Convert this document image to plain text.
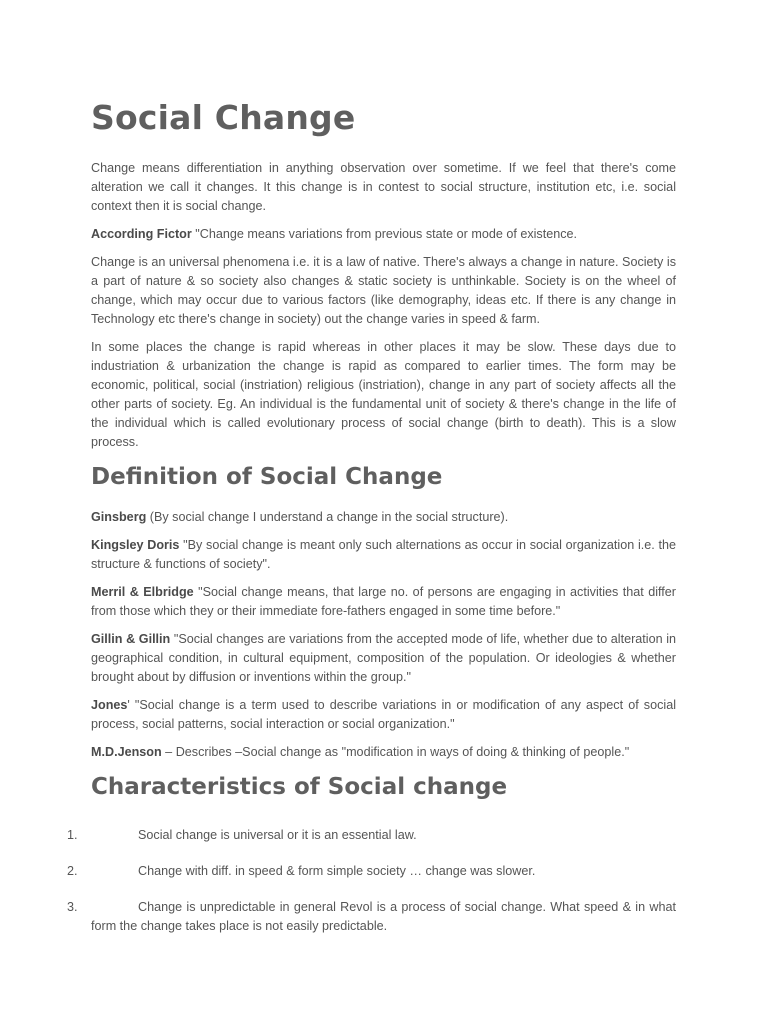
Social Change

Change means differentiation in anything observation over sometime. If we feel that there's come alteration we call it changes. It this change is in contest to social structure, institution etc, i.e. social context then it is social change.

According Fictor "Change means variations from previous state or mode of existence.

Change is an universal phenomena i.e. it is a law of native. There's always a change in nature. Society is a part of nature & so society also changes & static society is unthinkable. Society is on the wheel of change, which may occur due to various factors (like demography, ideas etc. If there is any change in Technology etc there's change in society) out the change varies in speed & farm.

In some places the change is rapid whereas in other places it may be slow. These days due to industriation & urbanization the change is rapid as compared to earlier times. The form may be economic, political, social (instriation) religious (instriation), change in any part of society affects all the other parts of society. Eg. An individual is the fundamental unit of society & there's change in the life of the individual which is called evolutionary process of social change (birth to death). This is a slow process.

Definition of Social Change

Ginsberg (By social change I understand a change in the social structure).

Kingsley Doris "By social change is meant only such alternations as occur in social organization i.e. the structure & functions of society".

Merril & Elbridge "Social change means, that large no. of persons are engaging in activities that differ from those which they or their immediate fore-fathers engaged in some time before."

Gillin & Gillin "Social changes are variations from the accepted mode of life, whether due to alteration in geographical condition, in cultural equipment, composition of the population. Or ideologies & whether brought about by diffusion or inventions within the group."

Jones' "Social change is a term used to describe variations in or modification of any aspect of social process, social patterns, social interaction or social organization."

M.D.Jenson – Describes –Social change as "modification in ways of doing & thinking of people."

Characteristics of Social change
1.	Social change is universal or it is an essential law.
2.	Change with diff. in speed & form simple society … change was slower.
3.	Change is unpredictable in general Revol is a process of social change. What speed & in what form the change takes place is not easily predictable.
